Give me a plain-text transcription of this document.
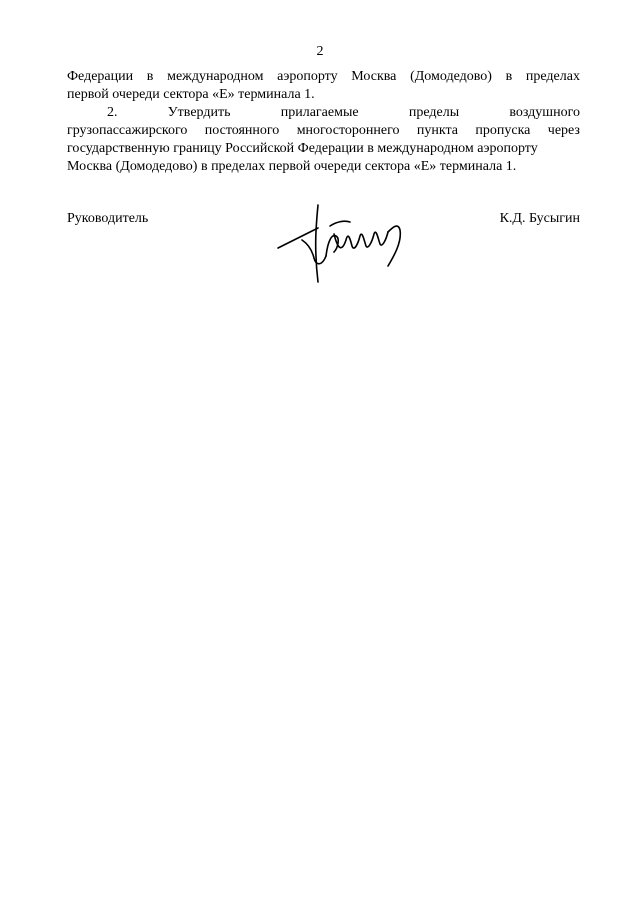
2
Федерации в международном аэропорту Москва (Домодедово) в пределах
первой очереди сектора «Е» терминала 1.
2.	Утвердить	прилагаемые	пределы	воздушного
грузопассажирского постоянного многостороннего пункта пропуска через
государственную границу Российской Федерации в международном аэропорту
Москва (Домодедово) в пределах первой очереди сектора «Е» терминала 1.
Руководитель	К.Д. Бусыгин
